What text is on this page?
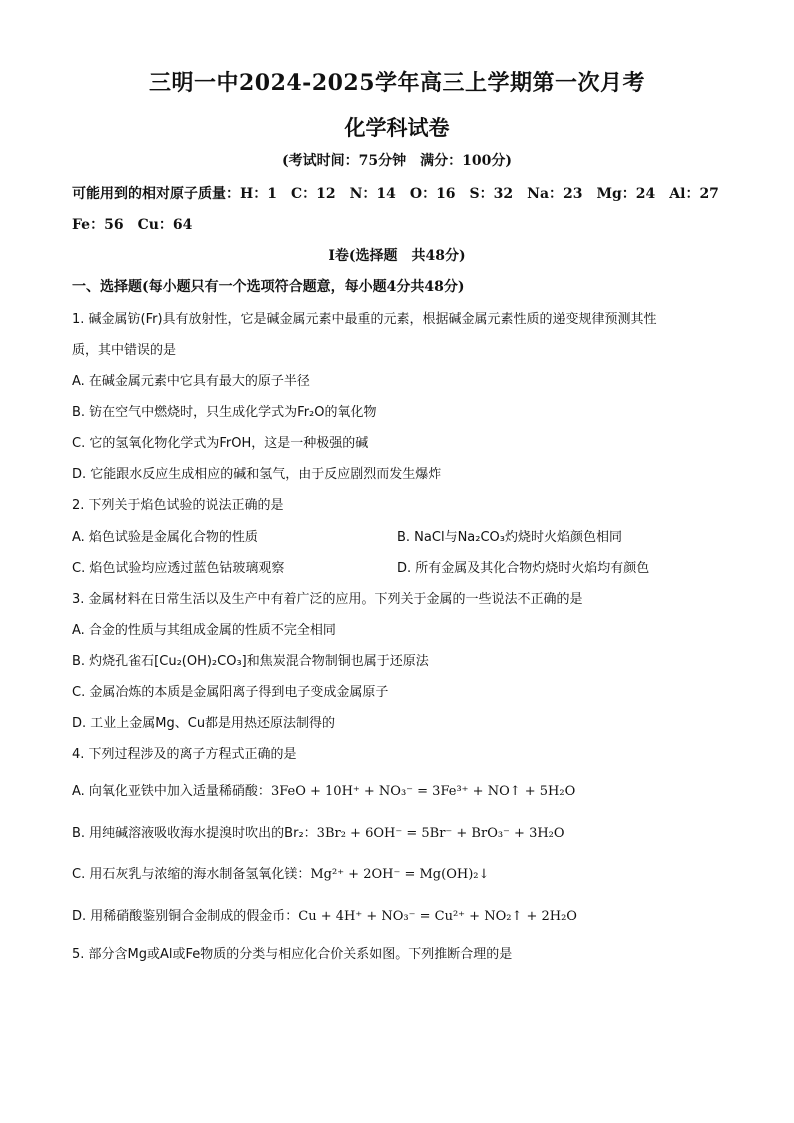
三明一中2024-2025学年高三上学期第一次月考
化学科试卷
(考试时间：75分钟　满分：100分)
可能用到的相对原子质量：H：1　C：12　N：14　O：16　S：32　Na：23　Mg：24　Al：27
Fe：56　Cu：64
Ⅰ卷(选择题　共48分)
一、选择题(每小题只有一个选项符合题意，每小题4分共48分)
1. 碱金属钫(Fr)具有放射性，它是碱金属元素中最重的元素，根据碱金属元素性质的递变规律预测其性
质，其中错误的是
A. 在碱金属元素中它具有最大的原子半径
B. 钫在空气中燃烧时，只生成化学式为Fr₂O的氧化物
C. 它的氢氧化物化学式为FrOH，这是一种极强的碱
D. 它能跟水反应生成相应的碱和氢气，由于反应剧烈而发生爆炸
2. 下列关于焰色试验的说法正确的是
A. 焰色试验是金属化合物的性质	B. NaCl与Na₂CO₃灼烧时火焰颜色相同
C. 焰色试验均应透过蓝色钴玻璃观察	D. 所有金属及其化合物灼烧时火焰均有颜色
3. 金属材料在日常生活以及生产中有着广泛的应用。下列关于金属的一些说法不正确的是
A. 合金的性质与其组成金属的性质不完全相同
B. 灼烧孔雀石[Cu₂(OH)₂CO₃]和焦炭混合物制铜也属于还原法
C. 金属冶炼的本质是金属阳离子得到电子变成金属原子
D. 工业上金属Mg、Cu都是用热还原法制得的
4. 下列过程涉及的离子方程式正确的是
A. 向氧化亚铁中加入适量稀硝酸：3FeO + 10H⁺ + NO₃⁻ = 3Fe³⁺ + NO↑ + 5H₂O
B. 用纯碱溶液吸收海水提溴时吹出的Br₂：3Br₂ + 6OH⁻ = 5Br⁻ + BrO₃⁻ + 3H₂O
C. 用石灰乳与浓缩的海水制备氢氧化镁：Mg²⁺ + 2OH⁻ = Mg(OH)₂↓
D. 用稀硝酸鉴别铜合金制成的假金币：Cu + 4H⁺ + NO₃⁻ = Cu²⁺ + NO₂↑ + 2H₂O
5. 部分含Mg或Al或Fe物质的分类与相应化合价关系如图。下列推断合理的是
